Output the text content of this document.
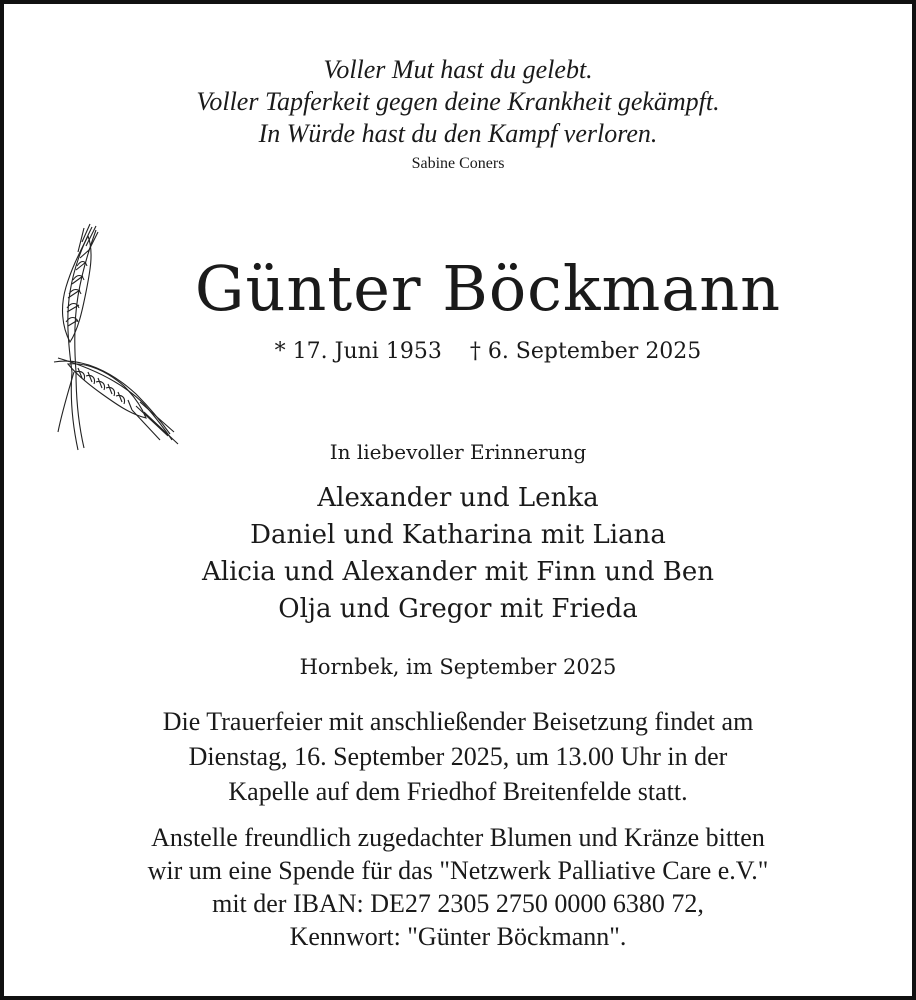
Voller Mut hast du gelebt.
Voller Tapferkeit gegen deine Krankheit gekämpft.
In Würde hast du den Kampf verloren.
Sabine Coners
Günter Böckmann
* 17. Juni 1953 † 6. September 2025
In liebevoller Erinnerung
Alexander und Lenka
Daniel und Katharina mit Liana
Alicia und Alexander mit Finn und Ben
Olja und Gregor mit Frieda
Hornbek, im September 2025
Die Trauerfeier mit anschließender Beisetzung findet am
Dienstag, 16. September 2025, um 13.00 Uhr in der
Kapelle auf dem Friedhof Breitenfelde statt.
Anstelle freundlich zugedachter Blumen und Kränze bitten
wir um eine Spende für das "Netzwerk Palliative Care e.V."
mit der IBAN: DE27 2305 2750 0000 6380 72,
Kennwort: "Günter Böckmann".
